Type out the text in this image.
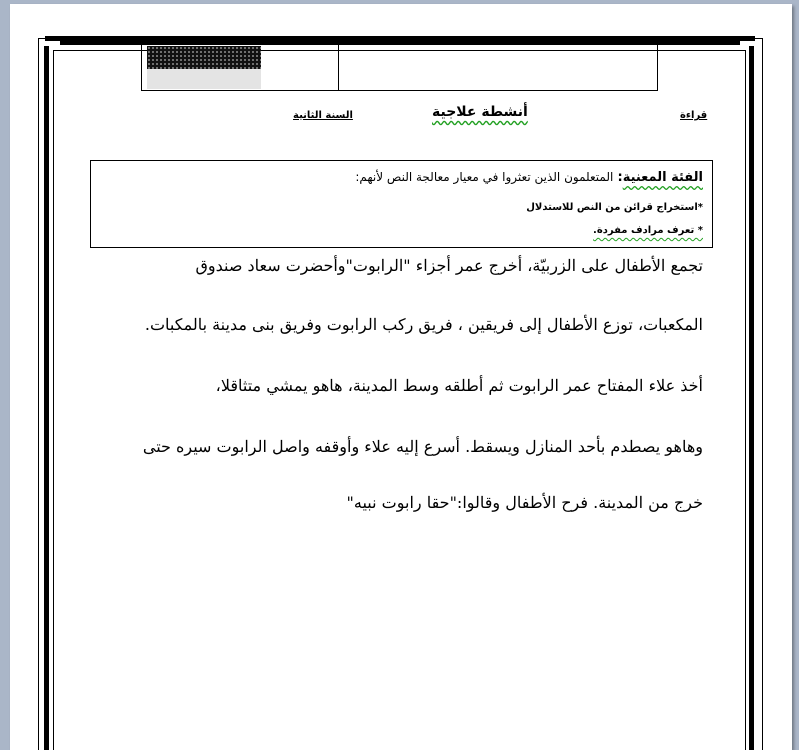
قراءة
أنشطة علاجية
السنة الثانية
الفئة المعنية: المتعلمون الذين تعثروا في معيار معالجة النص لأنهم:
*استخراج قرائن من النص للاستدلال
* تعرف مرادف مفردة.
تجمع الأطفال على الزربيّة، أخرج عمر أجزاء "الرابوت"وأحضرت سعاد صندوق
المكعبات، توزع الأطفال إلى فريقين ، فريق ركب الرابوت وفريق بنى مدينة بالمكبات.
أخذ علاء المفتاح عمر الرابوت ثم أطلقه وسط المدينة، هاهو يمشي متثاقلا،
وهاهو يصطدم بأحد المنازل ويسقط. أسرع إليه علاء وأوقفه واصل الرابوت سيره حتى
خرج من المدينة. فرح الأطفال وقالوا:"حقا رابوت نبيه"
